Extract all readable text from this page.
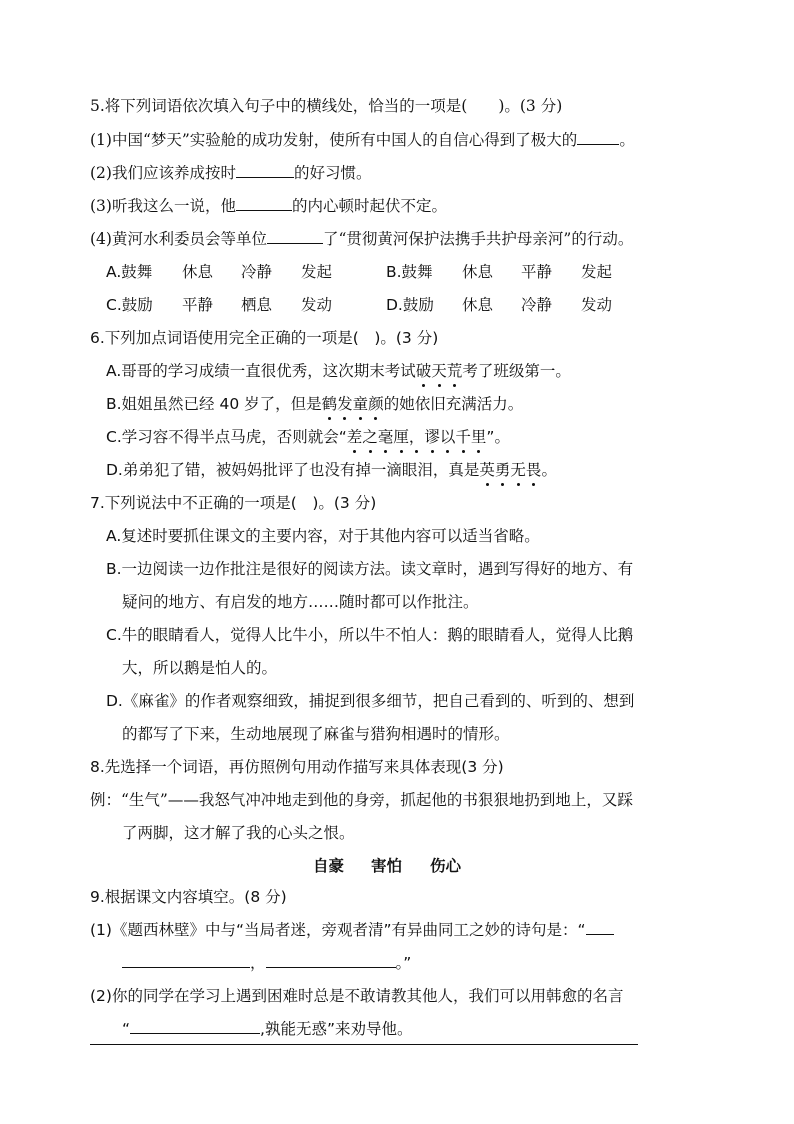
5.将下列词语依次填入句子中的横线处，恰当的一项是(　　)。(3 分)
(1)中国“梦天”实验舱的成功发射，使所有中国人的自信心得到了极大的	。
(2)我们应该养成按时	的好习惯。
(3)听我这么一说，他	的内心顿时起伏不定。
(4)黄河水利委员会等单位	了“贯彻黄河保护法携手共护母亲河”的行动。
A.鼓舞 休息 冷静 发起	B.鼓舞 休息 平静 发起
C.鼓励 平静 栖息 发动	D.鼓励 休息 冷静 发动
6.下列加点词语使用完全正确的一项是(　)。(3 分)
A.哥哥的学习成绩一直很优秀，这次期末考试破天荒考了班级第一。
B.姐姐虽然已经 40 岁了，但是鹤发童颜的她依旧充满活力。
C.学习容不得半点马虎，否则就会“差之毫厘，谬以千里”。
D.弟弟犯了错，被妈妈批评了也没有掉一滴眼泪，真是英勇无畏。
7.下列说法中不正确的一项是(　)。(3 分)
A.复述时要抓住课文的主要内容，对于其他内容可以适当省略。
B.一边阅读一边作批注是很好的阅读方法。读文章时，遇到写得好的地方、有
疑问的地方、有启发的地方……随时都可以作批注。
C.牛的眼睛看人，觉得人比牛小，所以牛不怕人：鹅的眼睛看人，觉得人比鹅
大，所以鹅是怕人的。
D.《麻雀》的作者观察细致，捕捉到很多细节，把自己看到的、听到的、想到
的都写了下来，生动地展现了麻雀与猎狗相遇时的情形。
8.先选择一个词语，再仿照例句用动作描写来具体表现(3 分)
例：“生气”——我怒气冲冲地走到他的身旁，抓起他的书狠狠地扔到地上，又踩
了两脚，这才解了我的心头之恨。
自豪 害怕 伤心
9.根据课文内容填空。(8 分)
(1)《题西林壁》中与“当局者迷，旁观者清”有异曲同工之妙的诗句是：“
，	。”
(2)你的同学在学习上遇到困难时总是不敢请教其他人，我们可以用韩愈的名言
“	,孰能无惑”来劝导他。
